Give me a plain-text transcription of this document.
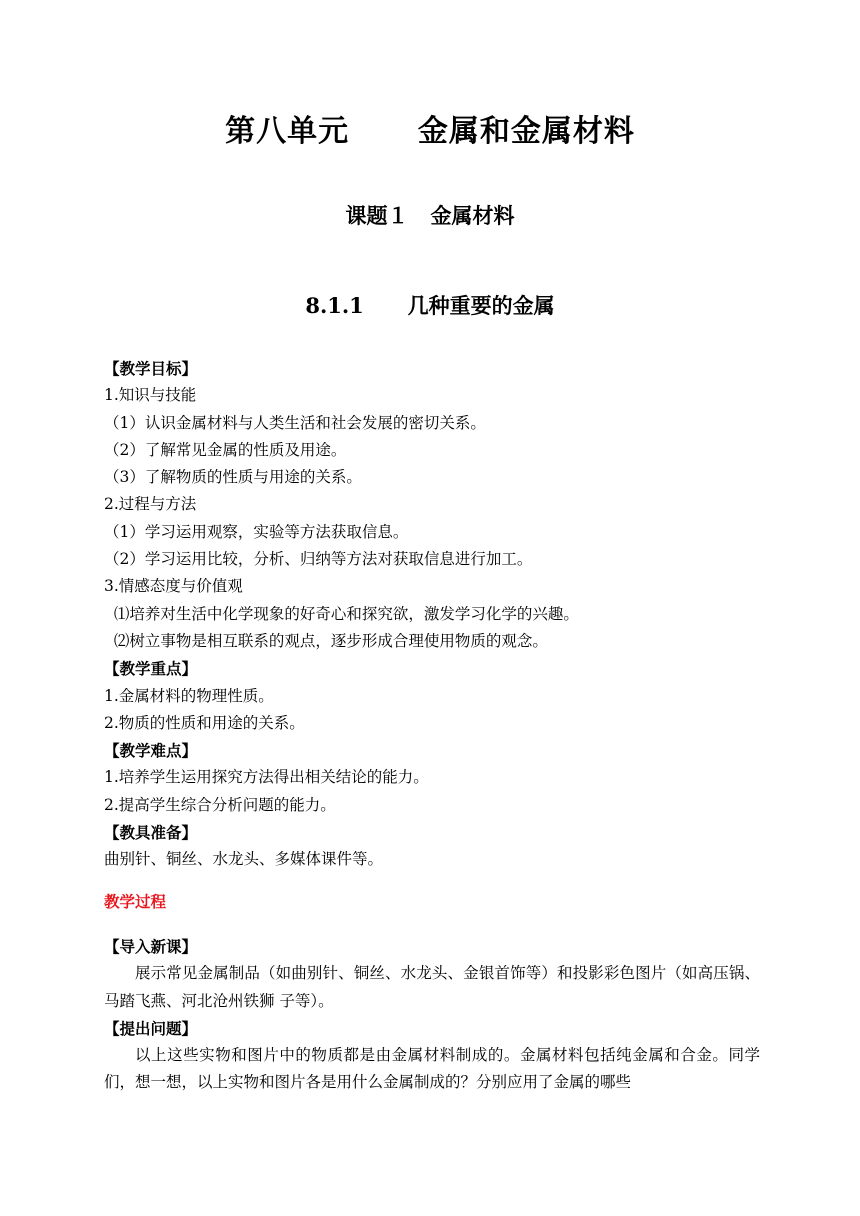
第八单元      金属和金属材料
课题１   金属材料
8.1.1      几种重要的金属
【教学目标】
1.知识与技能
（1）认识金属材料与人类生活和社会发展的密切关系。
（2）了解常见金属的性质及用途。
（3）了解物质的性质与用途的关系。
2.过程与方法
（1）学习运用观察，实验等方法获取信息。
（2）学习运用比较，分析、归纳等方法对获取信息进行加工。
3.情感态度与价值观
⑴培养对生活中化学现象的好奇心和探究欲，激发学习化学的兴趣。
⑵树立事物是相互联系的观点，逐步形成合理使用物质的观念。
【教学重点】
1.金属材料的物理性质。
2.物质的性质和用途的关系。
【教学难点】
1.培养学生运用探究方法得出相关结论的能力。
2.提高学生综合分析问题的能力。
【教具准备】
曲别针、铜丝、水龙头、多媒体课件等。
教学过程
【导入新课】
展示常见金属制品（如曲别针、铜丝、水龙头、金银首饰等）和投影彩色图片（如高压锅、马踏飞燕、河北沧州铁狮 子等）。
【提出问题】
以上这些实物和图片中的物质都是由金属材料制成的。金属材料包括纯金属和合金。同学们，想一想，以上实物和图片各是用什么金属制成的？分别应用了金属的哪些
